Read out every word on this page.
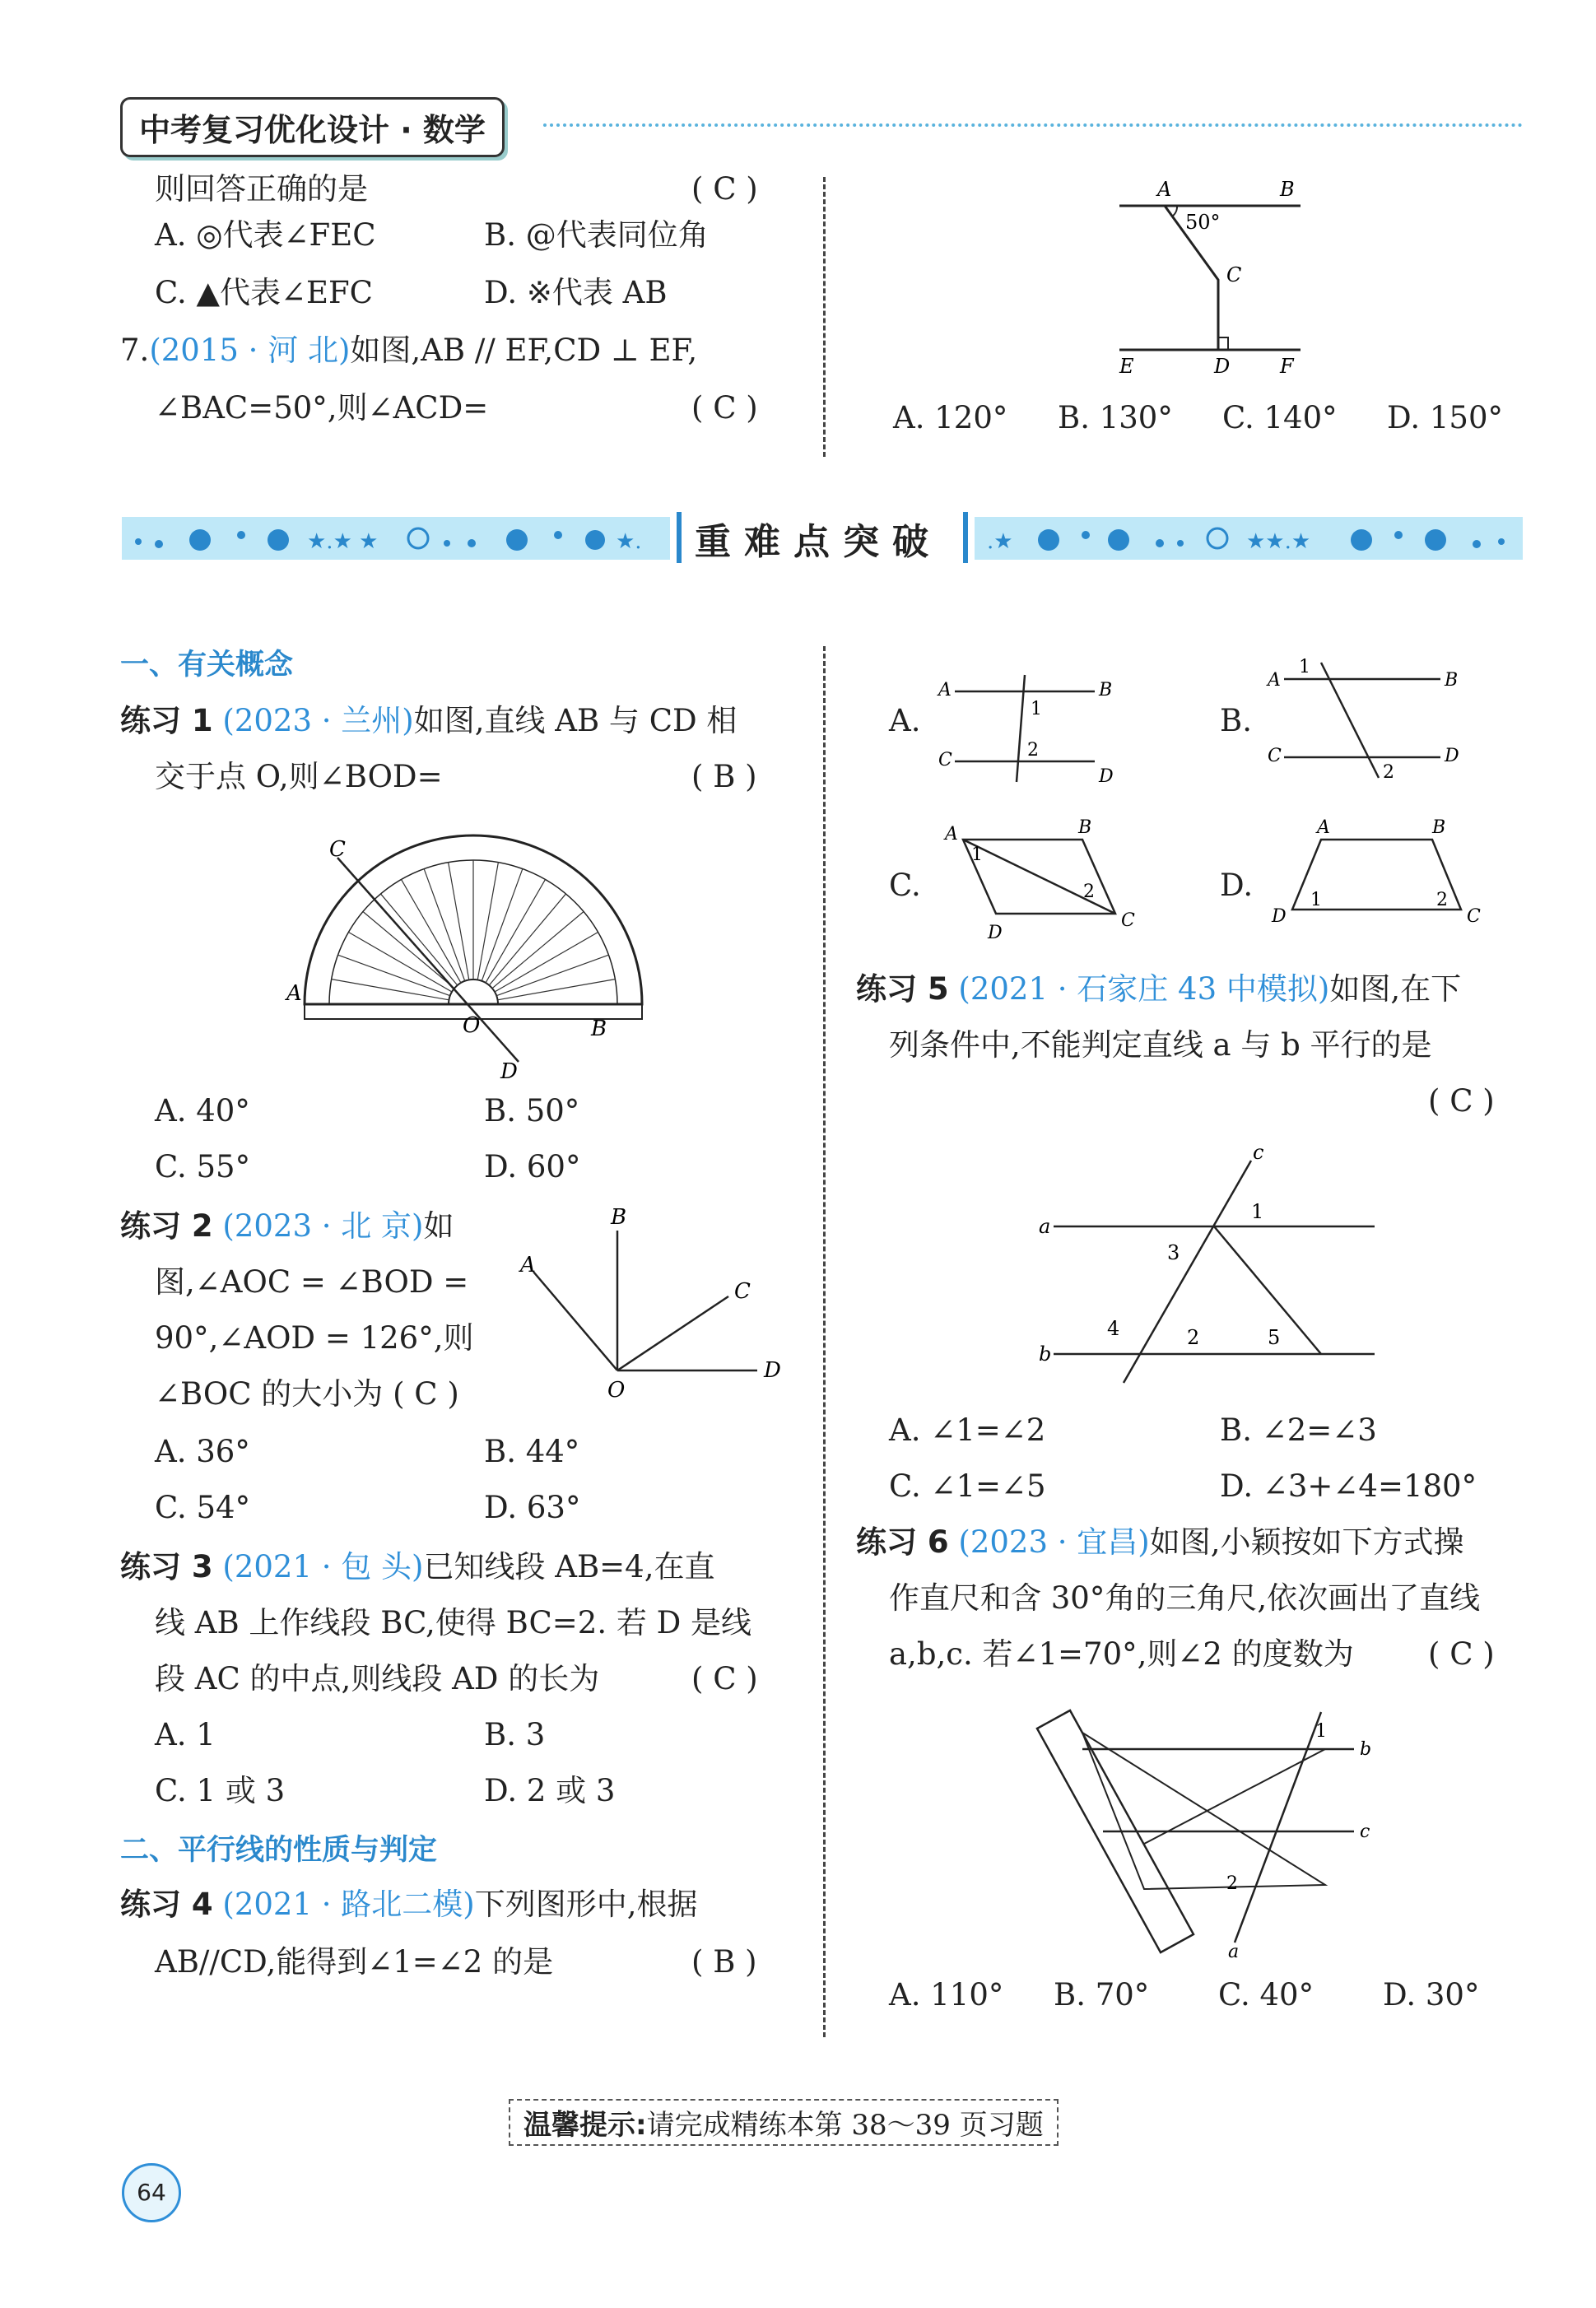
中考复习优化设计 · 数学
则回答正确的是	( C )
A. ◎代表∠FEC	B. @代表同位角
C. ▲代表∠EFC	D. ※代表 AB
7.(2015 · 河 北)如图,AB // EF,CD ⊥ EF,
∠BAC=50°,则∠ACD=	( C )
A	B
C
D
E	F
50°
A. 120° B. 130° C. 140° D. 150°
★.★ ★	★. 重难点突破 .★	★★.★
一、有关概念
练习 1 (2023 · 兰州)如图,直线 AB 与 CD 相
交于点 O,则∠BOD=	( B )
C
A
O	B
D
A. 40°	B. 50°
C. 55°	D. 60°
练习 2 (2023 · 北 京)如
图,∠AOC = ∠BOD =
90°,∠AOD = 126°,则
∠BOC 的大小为 ( C )
B
A
C
D
O
A. 36°	B. 44°
C. 54°	D. 63°
练习 3 (2021 · 包 头)已知线段 AB=4,在直
线 AB 上作线段 BC,使得 BC=2. 若 D 是线
段 AC 的中点,则线段 AD 的长为	( C )
A. 1	B. 3
C. 1 或 3	D. 2 或 3
二、平行线的性质与判定
练习 4 (2021 · 路北二模)下列图形中,根据
AB//CD,能得到∠1=∠2 的是	( B )
A.
A	B
C
D
1
2
B.
A	B
C	D
1
2
C.
A	B
C
D
1
2	D.
A	B
C
D
1	2
练习 5 (2021 · 石家庄 43 中模拟)如图,在下
列条件中,不能判定直线 a 与 b 平行的是
( C )
a
b
c
1
3
4	2	5
A. ∠1=∠2	B. ∠2=∠3
C. ∠1=∠5	D. ∠3+∠4=180°
练习 6 (2023 · 宜昌)如图,小颖按如下方式操
作直尺和含 30°角的三角尺,依次画出了直线
a,b,c. 若∠1=70°,则∠2 的度数为 ( C )
b
c
a
1
2
A. 110° B. 70° C. 40° D. 30°
温馨提示:请完成精练本第 38～39 页习题
64
